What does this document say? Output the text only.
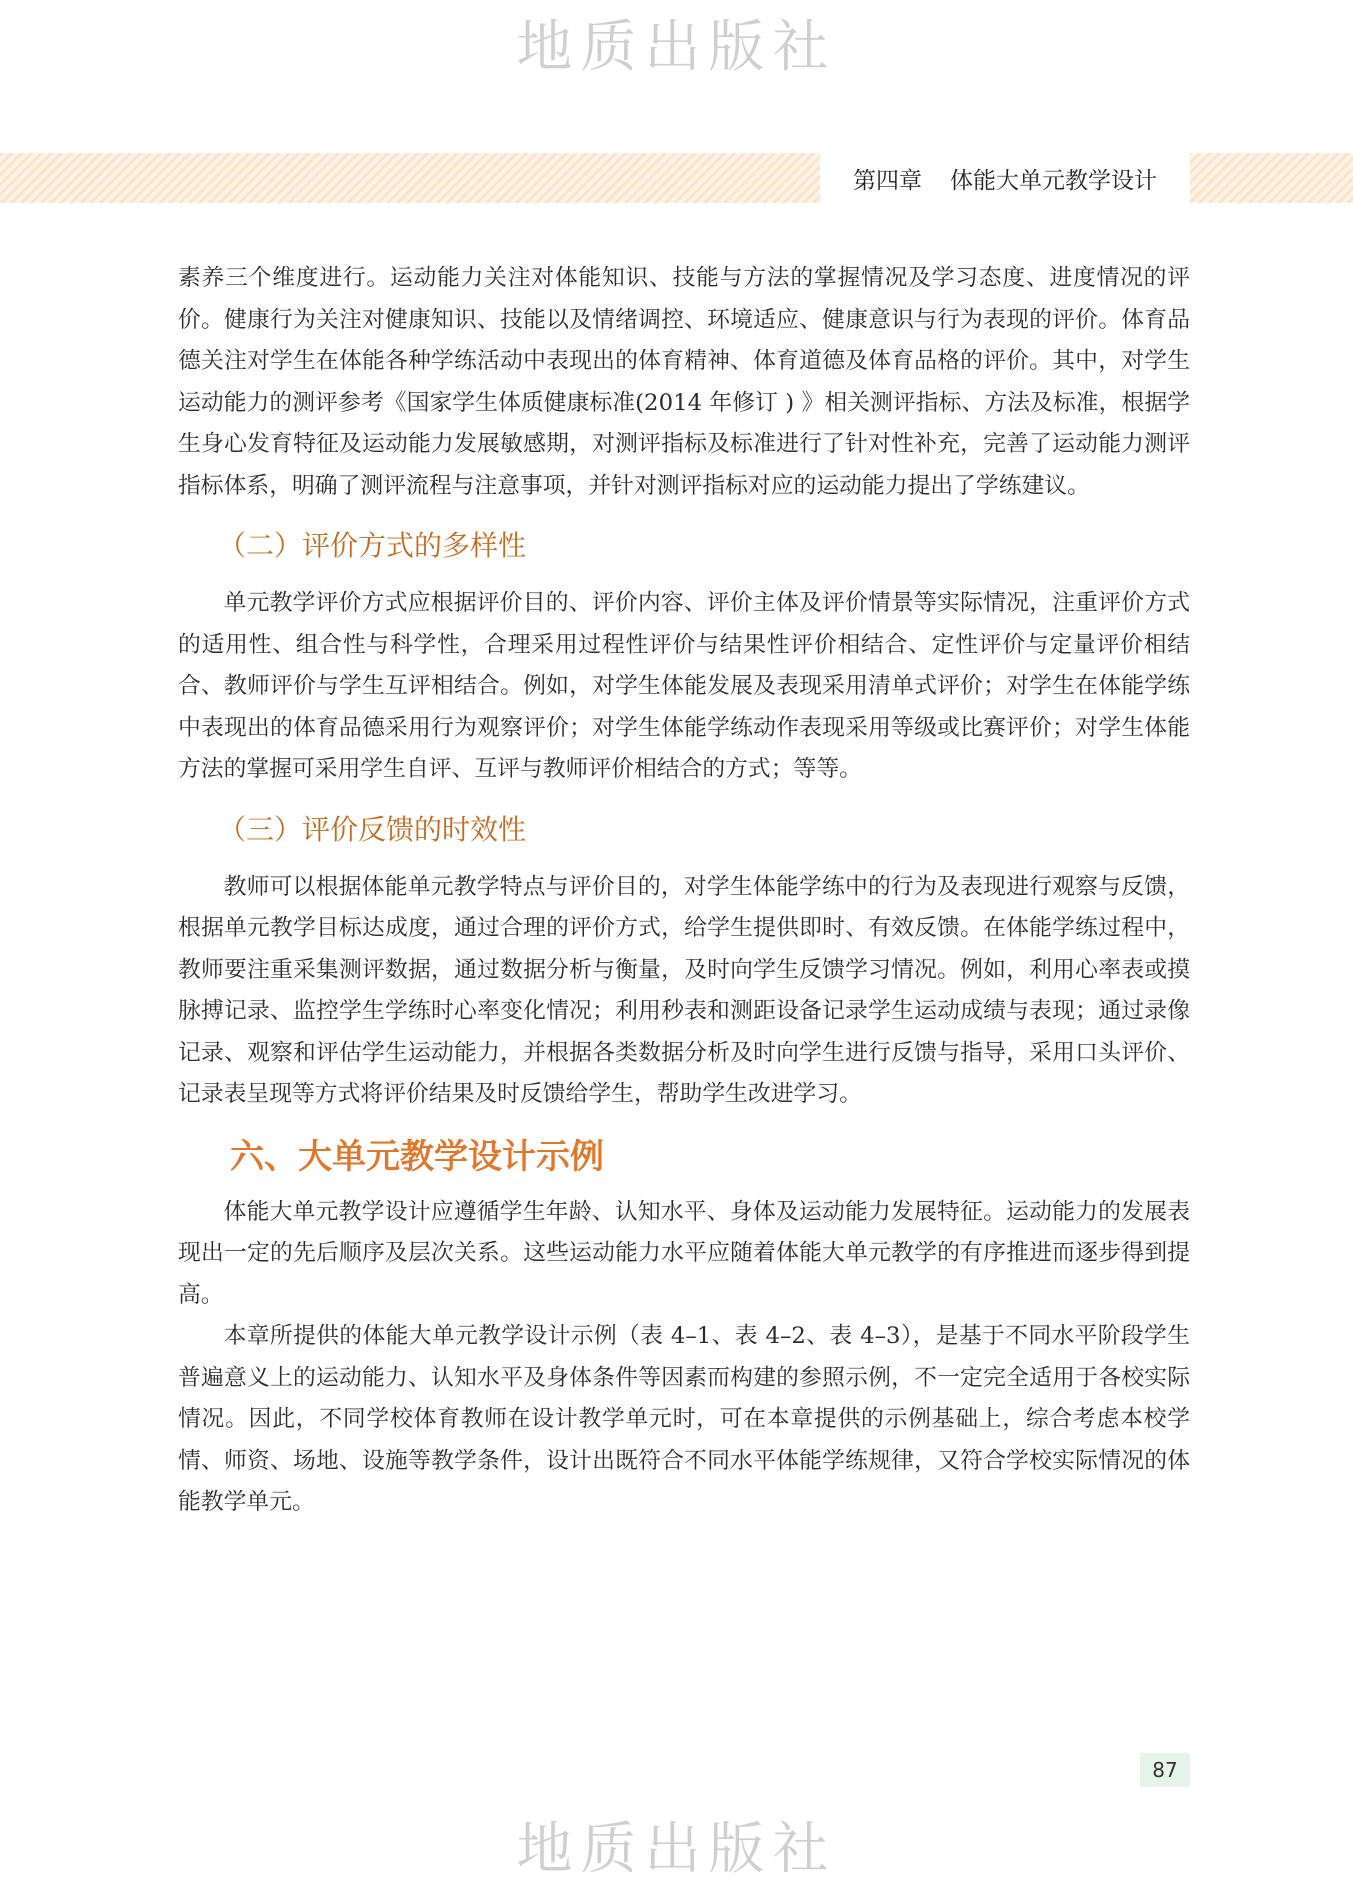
地质出版社
第四章 体能大单元教学设计

素养三个维度进行。运动能力关注对体能知识、技能与方法的掌握情况及学习态度、进度情况的评价。健康行为关注对健康知识、技能以及情绪调控、环境适应、健康意识与行为表现的评价。体育品德关注对学生在体能各种学练活动中表现出的体育精神、体育道德及体育品格的评价。其中，对学生运动能力的测评参考《国家学生体质健康标准(2014 年修订 ) 》相关测评指标、方法及标准，根据学生身心发育特征及运动能力发展敏感期，对测评指标及标准进行了针对性补充，完善了运动能力测评指标体系，明确了测评流程与注意事项，并针对测评指标对应的运动能力提出了学练建议。

（二）评价方式的多样性

单元教学评价方式应根据评价目的、评价内容、评价主体及评价情景等实际情况，注重评价方式的适用性、组合性与科学性，合理采用过程性评价与结果性评价相结合、定性评价与定量评价相结合、教师评价与学生互评相结合。例如，对学生体能发展及表现采用清单式评价；对学生在体能学练中表现出的体育品德采用行为观察评价；对学生体能学练动作表现采用等级或比赛评价；对学生体能方法的掌握可采用学生自评、互评与教师评价相结合的方式；等等。

（三）评价反馈的时效性

教师可以根据体能单元教学特点与评价目的，对学生体能学练中的行为及表现进行观察与反馈，根据单元教学目标达成度，通过合理的评价方式，给学生提供即时、有效反馈。在体能学练过程中，教师要注重采集测评数据，通过数据分析与衡量，及时向学生反馈学习情况。例如，利用心率表或摸脉搏记录、监控学生学练时心率变化情况；利用秒表和测距设备记录学生运动成绩与表现；通过录像记录、观察和评估学生运动能力，并根据各类数据分析及时向学生进行反馈与指导，采用口头评价、记录表呈现等方式将评价结果及时反馈给学生，帮助学生改进学习。

六、大单元教学设计示例

体能大单元教学设计应遵循学生年龄、认知水平、身体及运动能力发展特征。运动能力的发展表现出一定的先后顺序及层次关系。这些运动能力水平应随着体能大单元教学的有序推进而逐步得到提高。

本章所提供的体能大单元教学设计示例（表 4–1、表 4–2、表 4–3），是基于不同水平阶段学生普遍意义上的运动能力、认知水平及身体条件等因素而构建的参照示例，不一定完全适用于各校实际情况。因此，不同学校体育教师在设计教学单元时，可在本章提供的示例基础上，综合考虑本校学情、师资、场地、设施等教学条件，设计出既符合不同水平体能学练规律，又符合学校实际情况的体能教学单元。

87
地质出版社
